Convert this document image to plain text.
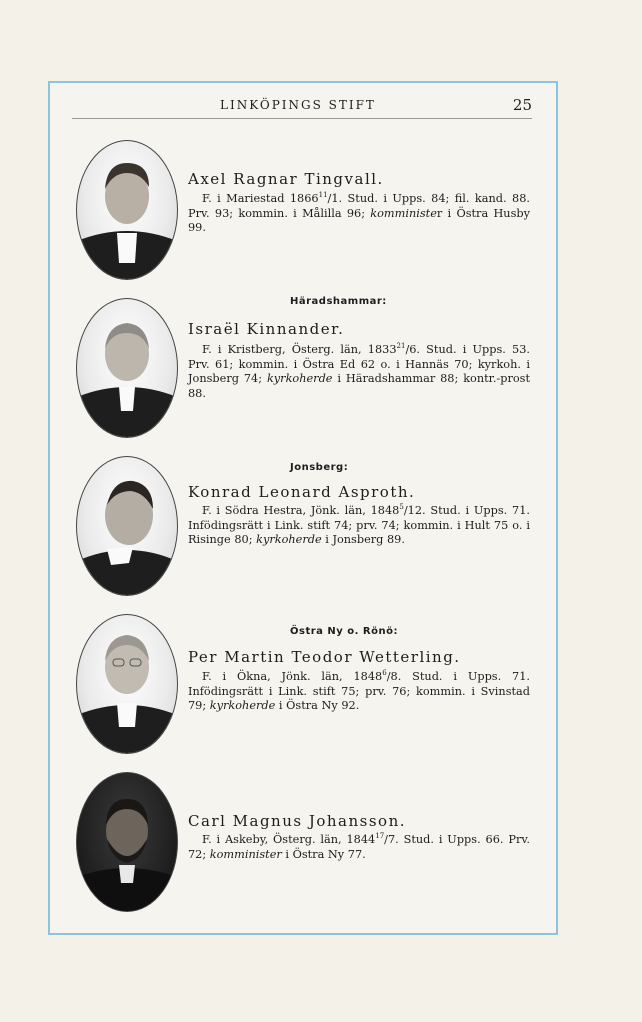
LINKÖPINGS STIFT	25
Axel Ragnar Tingvall.
F. i Mariestad 1866$^{11}$/1. Stud. i Upps. 84; fil. kand. 88. Prv. 93; kommin. i Målilla 96; komminister i Östra Husby 99.
Häradshammar:
Israël Kinnander.
F. i Kristberg, Österg. län, 1833$^{21}$/6. Stud. i Upps. 53. Prv. 61; kommin. i Östra Ed 62 o. i Hannäs 70; kyrkoh. i Jonsberg 74; kyrkoherde i Häradshammar 88; kontr.-prost 88.
Jonsberg:
Konrad Leonard Asproth.
F. i Södra Hestra, Jönk. län, 1848$^5$/12. Stud. i Upps. 71. Infödingsrätt i Link. stift 74; prv. 74; kommin. i Hult 75 o. i Risinge 80; kyrkoherde i Jonsberg 89.
Östra Ny o. Rönö:
Per Martin Teodor Wetterling.
F. i Ökna, Jönk. län, 1848$^6$/8. Stud. i Upps. 71. Infödingsrätt i Link. stift 75; prv. 76; kommin. i Svinstad 79; kyrkoherde i Östra Ny 92.
Carl Magnus Johansson.
F. i Askeby, Österg. län, 1844$^{17}$/7. Stud. i Upps. 66. Prv. 72; komminister i Östra Ny 77.
